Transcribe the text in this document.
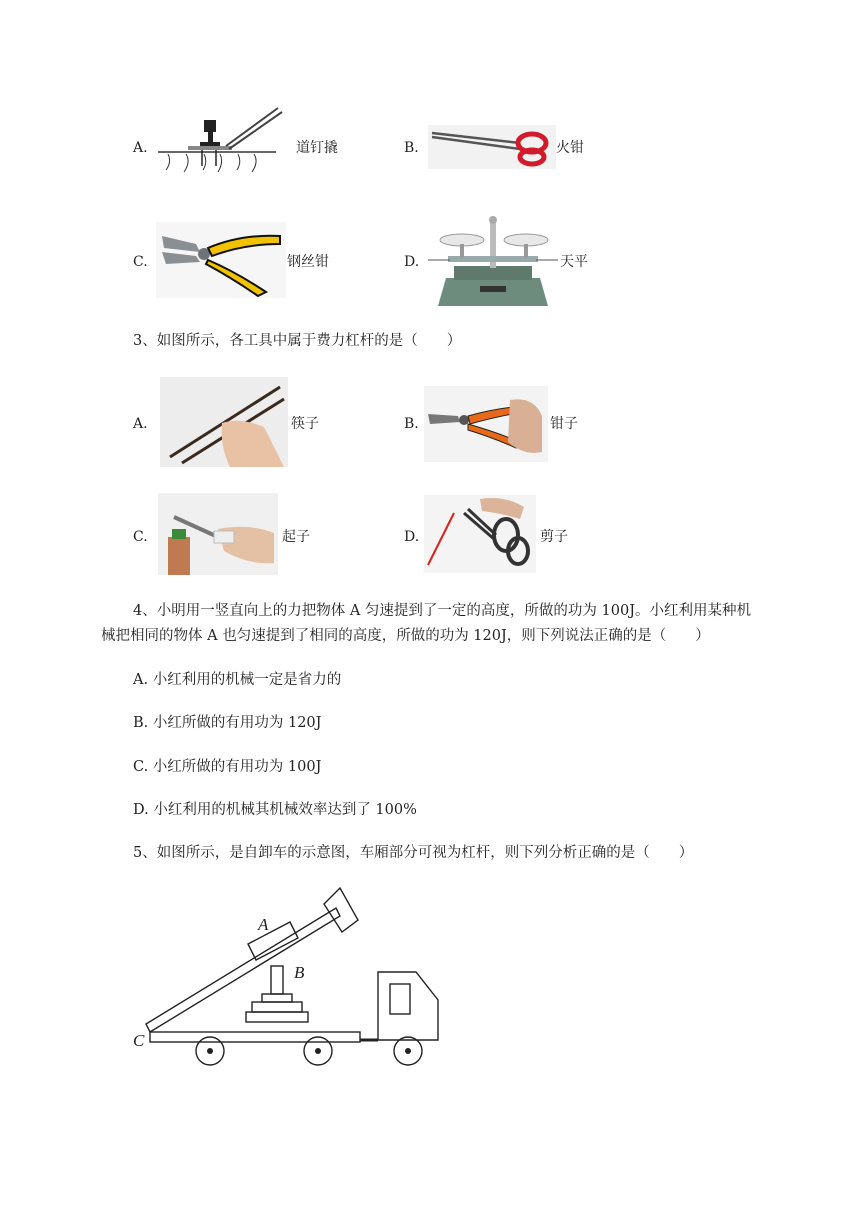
A.	道钉撬	B.	火钳
C.	钢丝钳	D.	天平
3、如图所示，各工具中属于费力杠杆的是（　　）
A.	筷子	B.	钳子
C.	起子	D.	剪子
4、小明用一竖直向上的力把物体 A 匀速提到了一定的高度，所做的功为 100J。小红利用某种机
械把相同的物体 A 也匀速提到了相同的高度，所做的功为 120J，则下列说法正确的是（　　）
A. 小红利用的机械一定是省力的
B. 小红所做的有用功为 120J
C. 小红所做的有用功为 100J
D. 小红利用的机械其机械效率达到了 100%
5、如图所示，是自卸车的示意图，车厢部分可视为杠杆，则下列分析正确的是（　　）
A
B
C
